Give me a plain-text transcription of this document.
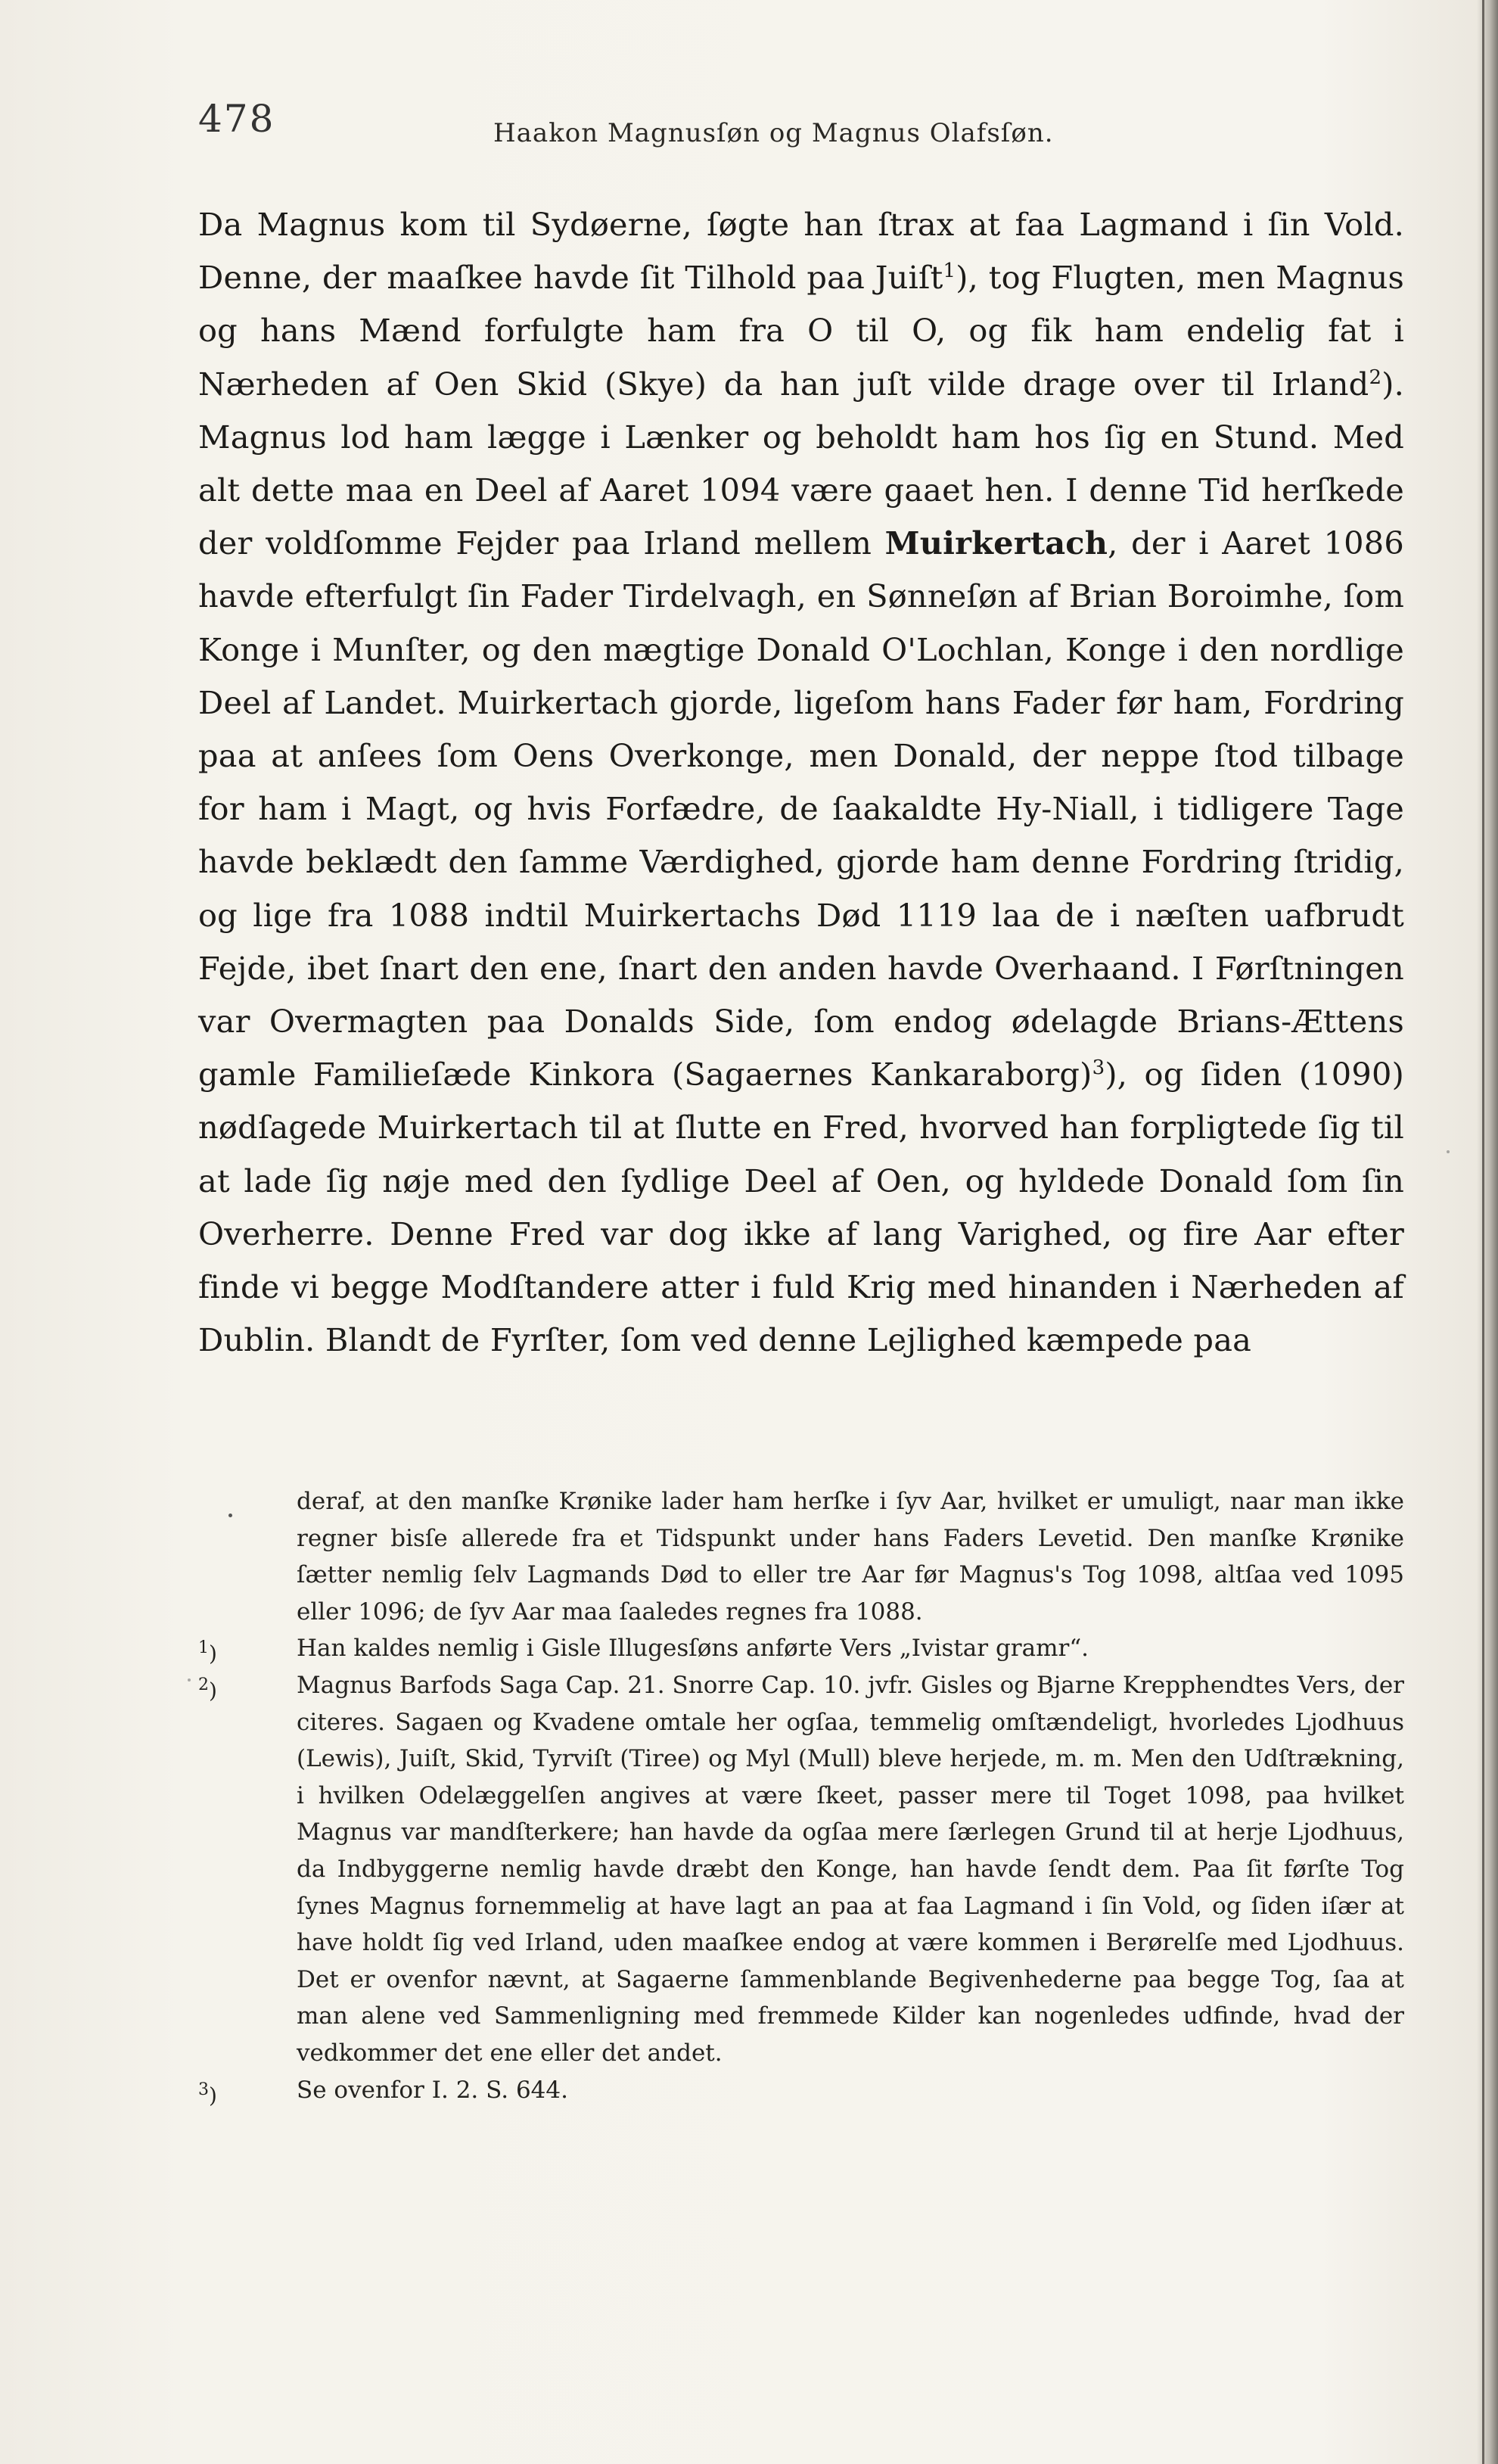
478	Haakon Magnusſøn og Magnus Olafsſøn.

Da Magnus kom til Sydøerne, ſøgte han ſtrax at faa Lagmand i ſin Vold. Denne, der maaſkee havde ſit Tilhold paa Juiſt$^1$), tog Flugten, men Magnus og hans Mænd forfulgte ham fra O til O, og fik ham endelig fat i Nærheden af Oen Skid (Skye) da han juſt vilde drage over til Irland$^2$). Magnus lod ham lægge i Lænker og beholdt ham hos ſig en Stund. Med alt dette maa en Deel af Aaret 1094 være gaaet hen. I denne Tid herſkede der voldſomme Fejder paa Irland mellem Muirkertach, der i Aaret 1086 havde efterfulgt ſin Fader Tirdelvagh, en Sønneſøn af Brian Boroimhe, ſom Konge i Munſter, og den mægtige Donald O'Lochlan, Konge i den nordlige Deel af Landet. Muirkertach gjorde, ligeſom hans Fader før ham, Fordring paa at anſees ſom Oens Overkonge, men Donald, der neppe ſtod tilbage for ham i Magt, og hvis Forfædre, de ſaakaldte Hy-Niall, i tidligere Tage havde beklædt den ſamme Værdighed, gjorde ham denne Fordring ſtridig, og lige fra 1088 indtil Muirkertachs Død 1119 laa de i næſten uafbrudt Fejde, ibet ſnart den ene, ſnart den anden havde Overhaand. I Førſtningen var Overmagten paa Donalds Side, ſom endog ødelagde Brians-Ættens gamle Familieſæde Kinkora (Sagaernes Kankaraborg)$^3$), og ſiden (1090) nødſagede Muirkertach til at ſlutte en Fred, hvorved han forpligtede ſig til at lade ſig nøje med den ſydlige Deel af Oen, og hyldede Donald ſom ſin Overherre. Denne Fred var dog ikke af lang Varighed, og fire Aar efter finde vi begge Modſtandere atter i fuld Krig med hinanden i Nærheden af Dublin. Blandt de Fyrſter, ſom ved denne Lejlighed kæmpede paa

deraf, at den manſke Krønike lader ham herſke i ſyv Aar, hvilket er umuligt, naar man ikke regner bisſe allerede fra et Tidspunkt under hans Faders Levetid. Den manſke Krønike ſætter nemlig ſelv Lagmands Død to eller tre Aar før Magnus's Tog 1098, altſaa ved 1095 eller 1096; de ſyv Aar maa ſaaledes regnes fra 1088.

$^1$)	Han kaldes nemlig i Gisle Illugesſøns anførte Vers „Ivistar gramr“.
$^2$)	Magnus Barfods Saga Cap. 21. Snorre Cap. 10. jvfr. Gisles og Bjarne Krepphendtes Vers, der citeres. Sagaen og Kvadene omtale her ogſaa, temmelig omſtændeligt, hvorledes Ljodhuus (Lewis), Juiſt, Skid, Tyrviſt (Tiree) og Myl (Mull) bleve herjede, m. m. Men den Udſtrækning, i hvilken Odelæggelſen angives at være ſkeet, passer mere til Toget 1098, paa hvilket Magnus var mandſterkere; han havde da ogſaa mere ſærlegen Grund til at herje Ljodhuus, da Indbyggerne nemlig havde dræbt den Konge, han havde ſendt dem. Paa ſit førſte Tog ſynes Magnus fornemmelig at have lagt an paa at faa Lagmand i ſin Vold, og ſiden iſær at have holdt ſig ved Irland, uden maaſkee endog at være kommen i Berørelſe med Ljodhuus. Det er ovenfor nævnt, at Sagaerne ſammenblande Begivenhederne paa begge Tog, ſaa at man alene ved Sammenligning med fremmede Kilder kan nogenledes udfinde, hvad der vedkommer det ene eller det andet.
$^3$)	Se ovenfor I. 2. S. 644.
